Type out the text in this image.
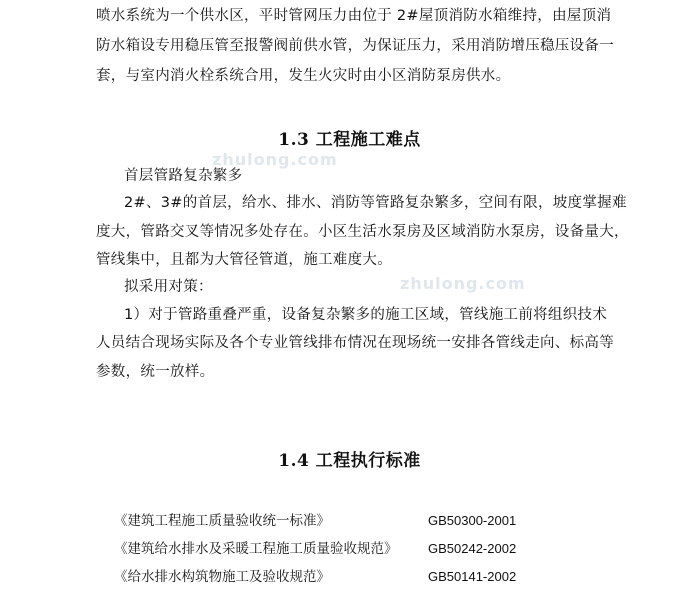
喷水系统为一个供水区，平时管网压力由位于 2#屋顶消防水箱维持，由屋顶消
防水箱设专用稳压管至报警阀前供水管，为保证压力，采用消防增压稳压设备一
套，与室内消火栓系统合用，发生火灾时由小区消防泵房供水。
1.3 工程施工难点
zhulong.com
首层管路复杂繁多
2#、3#的首层，给水、排水、消防等管路复杂繁多，空间有限，坡度掌握难
度大，管路交叉等情况多处存在。小区生活水泵房及区域消防水泵房，设备量大，
管线集中，且都为大管径管道，施工难度大。
拟采用对策：	zhulong.com
1）对于管路重叠严重，设备复杂繁多的施工区域，管线施工前将组织技术
人员结合现场实际及各个专业管线排布情况在现场统一安排各管线走向、标高等
参数，统一放样。
1.4 工程执行标准
《建筑工程施工质量验收统一标准》	GB50300-2001
《建筑给水排水及采暖工程施工质量验收规范》 GB50242-2002
《给水排水构筑物施工及验收规范》	GB50141-2002
